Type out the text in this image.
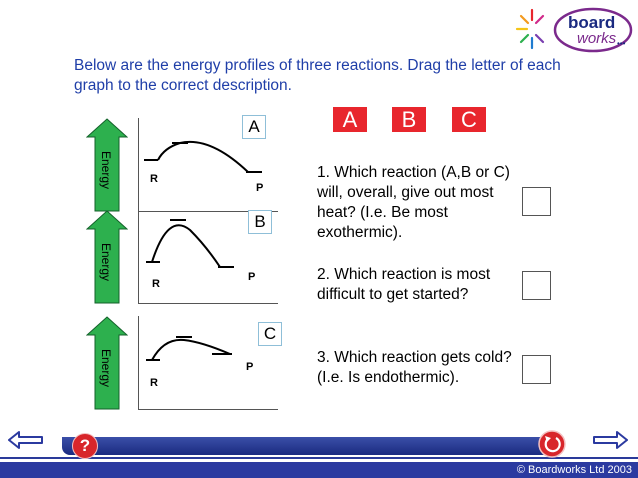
board
works •••
Below are the energy profiles of three reactions. Drag the letter of each graph to the correct description.
Energy	R
P
A
Energy
R
P
B
Energy	R
P
C
A	B	C
1. Which reaction (A,B or C) will, overall, give out most heat? (I.e. Be most exothermic).
2. Which reaction is most difficult to get started?
3. Which reaction gets cold? (I.e. Is endothermic).
© Boardworks Ltd 2003
?
